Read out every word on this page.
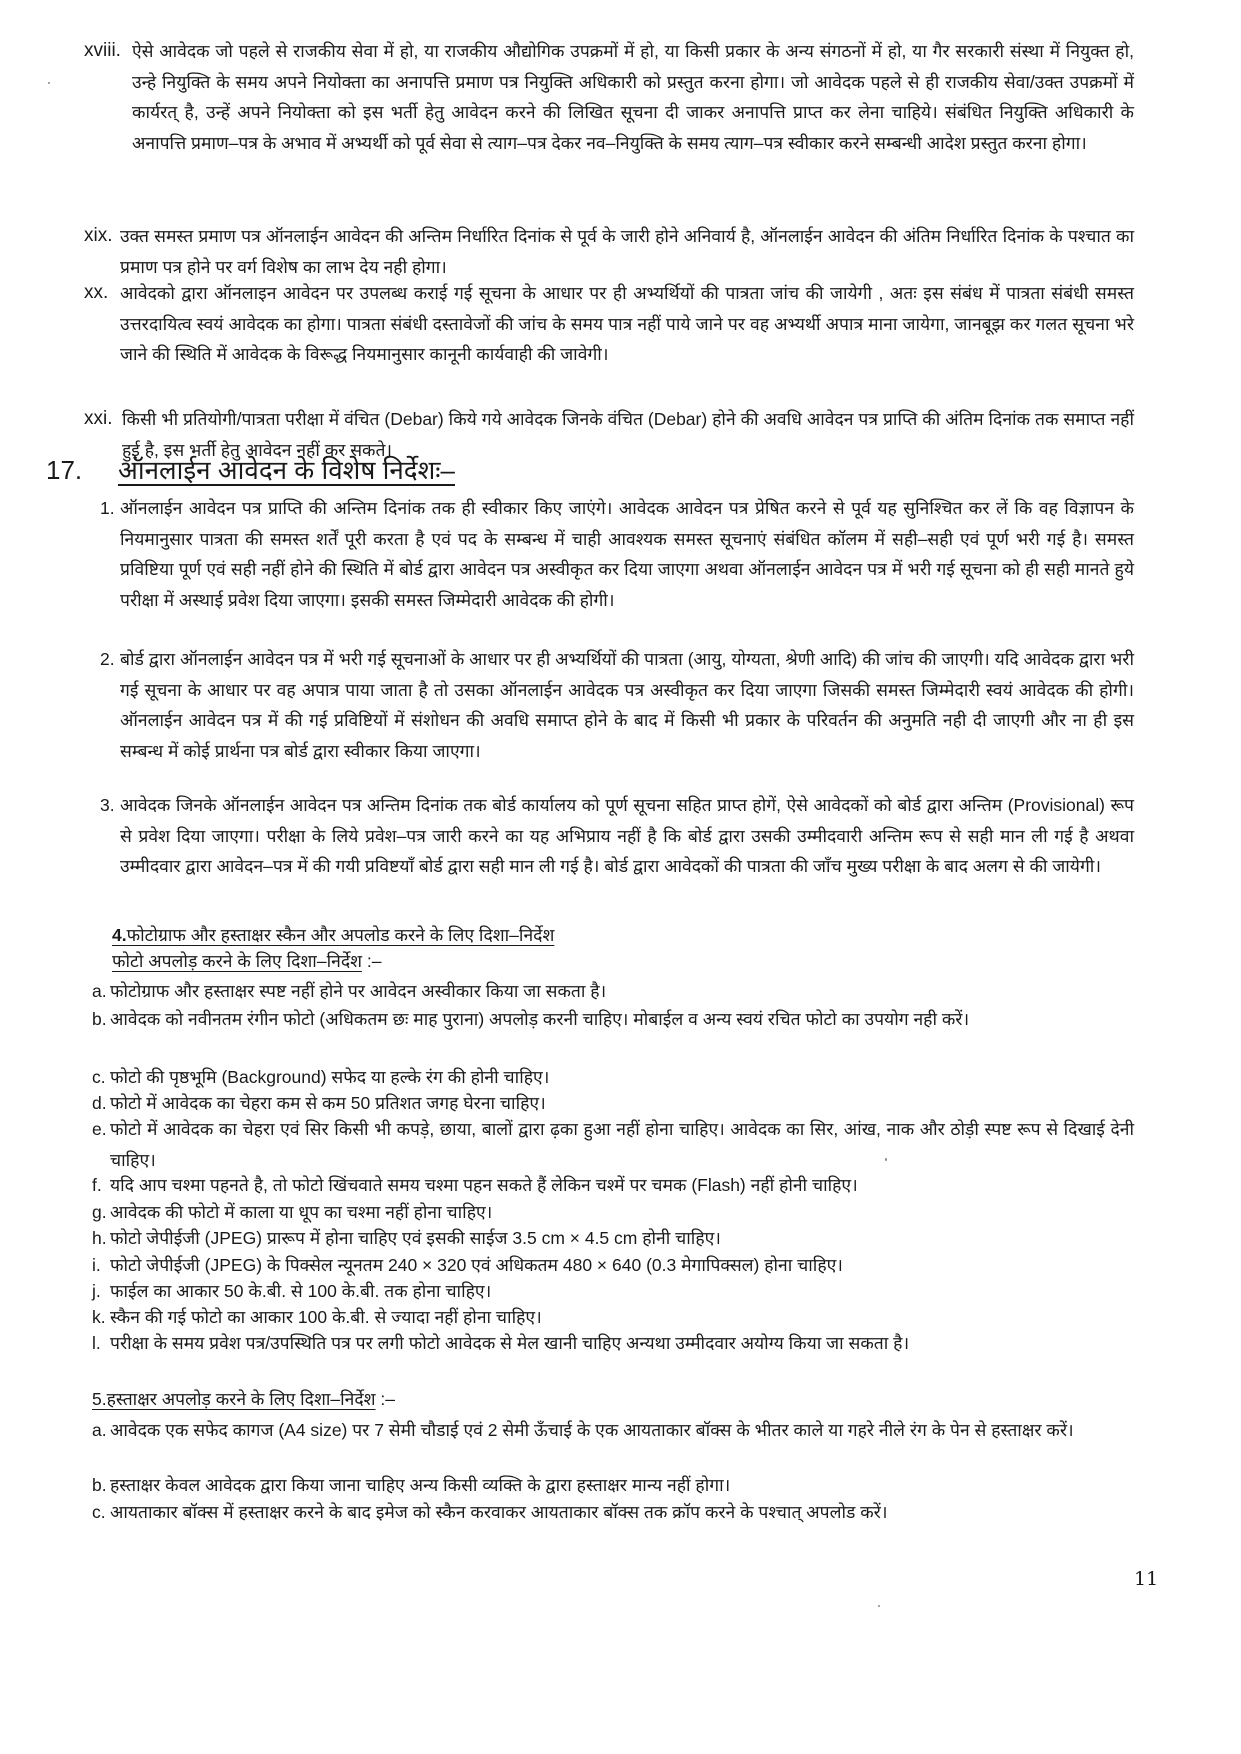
xviii. ऐसे आवेदक जो पहले से राजकीय सेवा में हो, या राजकीय औद्योगिक उपक्रमों में हो, या किसी प्रकार के अन्य संगठनों में हो, या गैर सरकारी संस्था में नियुक्त हो, उन्हे नियुक्ति के समय अपने नियोक्ता का अनापत्ति प्रमाण पत्र नियुक्ति अधिकारी को प्रस्तुत करना होगा। जो आवेदक पहले से ही राजकीय सेवा/उक्त उपक्रमों में कार्यरत् है, उन्हें अपने नियोक्ता को इस भर्ती हेतु आवेदन करने की लिखित सूचना दी जाकर अनापत्ति प्राप्त कर लेना चाहिये। संबंधित नियुक्ति अधिकारी के अनापत्ति प्रमाण–पत्र के अभाव में अभ्यर्थी को पूर्व सेवा से त्याग–पत्र देकर नव–नियुक्ति के समय त्याग–पत्र स्वीकार करने सम्बन्धी आदेश प्रस्तुत करना होगा।
xix. उक्त समस्त प्रमाण पत्र ऑनलाईन आवेदन की अन्तिम निर्धारित दिनांक से पूर्व के जारी होने अनिवार्य है, ऑनलाईन आवेदन की अंतिम निर्धारित दिनांक के पश्चात का प्रमाण पत्र होने पर वर्ग विशेष का लाभ देय नही होगा।
xx. आवेदको द्वारा ऑनलाइन आवेदन पर उपलब्ध कराई गई सूचना के आधार पर ही अभ्यर्थियों की पात्रता जांच की जायेगी , अतः इस संबंध में पात्रता संबंधी समस्त उत्तरदायित्व स्वयं आवेदक का होगा। पात्रता संबंधी दस्तावेजों की जांच के समय पात्र नहीं पाये जाने पर वह अभ्यर्थी अपात्र माना जायेगा, जानबूझ कर गलत सूचना भरे जाने की स्थिति में आवेदक के विरूद्ध नियमानुसार कानूनी कार्यवाही की जावेगी।
xxi. किसी भी प्रतियोगी/पात्रता परीक्षा में वंचित (Debar) किये गये आवेदक जिनके वंचित (Debar) होने की अवधि आवेदन पत्र प्राप्ति की अंतिम दिनांक तक समाप्त नहीं हुई है, इस भर्ती हेतु आवेदन नहीं कर सकते।
17. ऑनलाईन आवेदन के विशेष निर्देशः–
1. ऑनलाईन आवेदन पत्र प्राप्ति की अन्तिम दिनांक तक ही स्वीकार किए जाएंगे। आवेदक आवेदन पत्र प्रेषित करने से पूर्व यह सुनिश्चित कर लें कि वह विज्ञापन के नियमानुसार पात्रता की समस्त शर्तें पूरी करता है एवं पद के सम्बन्ध में चाही आवश्यक समस्त सूचनाएं संबंधित कॉलम में सही–सही एवं पूर्ण भरी गई है। समस्त प्रविष्टिया पूर्ण एवं सही नहीं होने की स्थिति में बोर्ड द्वारा आवेदन पत्र अस्वीकृत कर दिया जाएगा अथवा ऑनलाईन आवेदन पत्र में भरी गई सूचना को ही सही मानते हुये परीक्षा में अस्थाई प्रवेश दिया जाएगा। इसकी समस्त जिम्मेदारी आवेदक की होगी।
2. बोर्ड द्वारा ऑनलाईन आवेदन पत्र में भरी गई सूचनाओं के आधार पर ही अभ्यर्थियों की पात्रता (आयु, योग्यता, श्रेणी आदि) की जांच की जाएगी। यदि आवेदक द्वारा भरी गई सूचना के आधार पर वह अपात्र पाया जाता है तो उसका ऑनलाईन आवेदक पत्र अस्वीकृत कर दिया जाएगा जिसकी समस्त जिम्मेदारी स्वयं आवेदक की होगी। ऑनलाईन आवेदन पत्र में की गई प्रविष्टियों में संशोधन की अवधि समाप्त होने के बाद में किसी भी प्रकार के परिवर्तन की अनुमति नही दी जाएगी और ना ही इस सम्बन्ध में कोई प्रार्थना पत्र बोर्ड द्वारा स्वीकार किया जाएगा।
3. आवेदक जिनके ऑनलाईन आवेदन पत्र अन्तिम दिनांक तक बोर्ड कार्यालय को पूर्ण सूचना सहित प्राप्त होगें, ऐसे आवेदकों को बोर्ड द्वारा अन्तिम (Provisional) रूप से प्रवेश दिया जाएगा। परीक्षा के लिये प्रवेश–पत्र जारी करने का यह अभिप्राय नहीं है कि बोर्ड द्वारा उसकी उम्मीदवारी अन्तिम रूप से सही मान ली गई है अथवा उम्मीदवार द्वारा आवेदन–पत्र में की गयी प्रविष्टयाँ बोर्ड द्वारा सही मान ली गई है। बोर्ड द्वारा आवेदकों की पात्रता की जाँच मुख्य परीक्षा के बाद अलग से की जायेगी।
4.फोटोग्राफ और हस्ताक्षर स्कैन और अपलोड करने के लिए दिशा–निर्देश
फोटो अपलोड़ करने के लिए दिशा–निर्देश :–
a. फोटोग्राफ और हस्ताक्षर स्पष्ट नहीं होने पर आवेदन अस्वीकार किया जा सकता है।
b. आवेदक को नवीनतम रंगीन फोटो (अधिकतम छः माह पुराना) अपलोड़ करनी चाहिए। मोबाईल व अन्य स्वयं रचित फोटो का उपयोग नही करें।
c. फोटो की पृष्ठभूमि (Background) सफेद या हल्के रंग की होनी चाहिए।
d. फोटो में आवेदक का चेहरा कम से कम 50 प्रतिशत जगह घेरना चाहिए।
e. फोटो में आवेदक का चेहरा एवं सिर किसी भी कपड़े, छाया, बालों द्वारा ढ़का हुआ नहीं होना चाहिए। आवेदक का सिर, आंख, नाक और ठोड़ी स्पष्ट रूप से दिखाई देनी चाहिए।
f. यदि आप चश्मा पहनते है, तो फोटो खिंचवाते समय चश्मा पहन सकते हैं लेकिन चश्में पर चमक (Flash) नहीं होनी चाहिए।
g. आवेदक की फोटो में काला या धूप का चश्मा नहीं होना चाहिए।
h. फोटो जेपीईजी (JPEG) प्रारूप में होना चाहिए एवं इसकी साईज 3.5 cm × 4.5 cm होनी चाहिए।
i. फोटो जेपीईजी (JPEG) के पिक्सेल न्यूनतम 240 × 320 एवं अधिकतम 480 × 640 (0.3 मेगापिक्सल) होना चाहिए।
j. फाईल का आकार 50 के.बी. से 100 के.बी. तक होना चाहिए।
k. स्कैन की गई फोटो का आकार 100 के.बी. से ज्यादा नहीं होना चाहिए।
l. परीक्षा के समय प्रवेश पत्र/उपस्थिति पत्र पर लगी फोटो आवेदक से मेल खानी चाहिए अन्यथा उम्मीदवार अयोग्य किया जा सकता है।
5.हस्ताक्षर अपलोड़ करने के लिए दिशा–निर्देश :–
a. आवेदक एक सफेद कागज (A4 size) पर 7 सेमी चौडाई एवं 2 सेमी ऊँचाई के एक आयताकार बॉक्स के भीतर काले या गहरे नीले रंग के पेन से हस्ताक्षर करें।
b. हस्ताक्षर केवल आवेदक द्वारा किया जाना चाहिए अन्य किसी व्यक्ति के द्वारा हस्ताक्षर मान्य नहीं होगा।
c. आयताकार बॉक्स में हस्ताक्षर करने के बाद इमेज को स्कैन करवाकर आयताकार बॉक्स तक क्रॉप करने के पश्चात् अपलोड करें।
11
